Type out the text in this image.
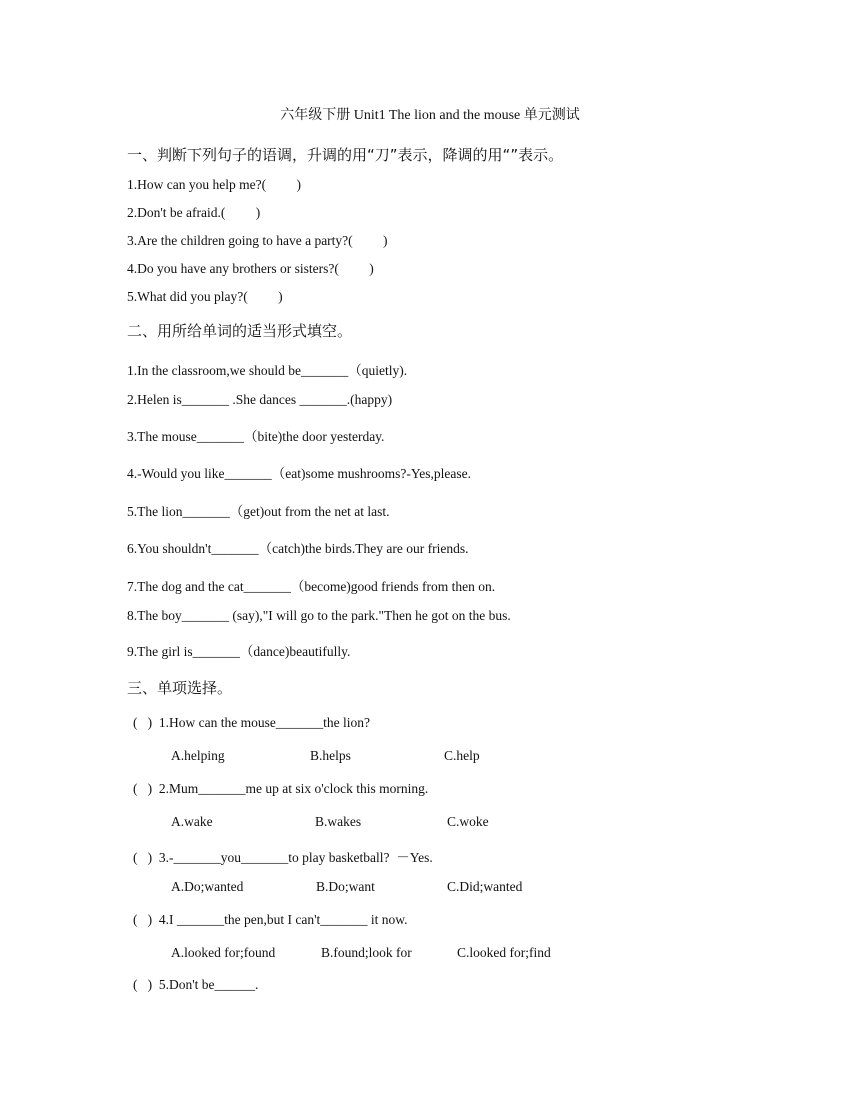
六年级下册 Unit1 The lion and the mouse 单元测试
一、判断下列句子的语调，升调的用“刀”表示，降调的用“”表示。
1.How can you help me?(         )
2.Don't be afraid.(         )
3.Are the children going to have a party?(         )
4.Do you have any brothers or sisters?(         )
5.What did you play?(         )
二、用所给单词的适当形式填空。
1.In the classroom,we should be_______（quietly).
2.Helen is_______ .She dances _______.(happy)
3.The mouse_______（bite)the door yesterday.
4.-Would you like_______（eat)some mushrooms?-Yes,please.
5.The lion_______（get)out from the net at last.
6.You shouldn't_______（catch)the birds.They are our friends.
7.The dog and the cat_______（become)good friends from then on.
8.The boy_______ (say),"I will go to the park."Then he got on the bus.
9.The girl is_______（dance)beautifully.
三、单项选择。
(   )  1.How can the mouse_______the lion?
A.helping	B.helps	C.help
(   )  2.Mum_______me up at six o'clock this morning.
A.wake	B.wakes	C.woke
(   )  3.-_______you_______to play basketball?  －Yes.
A.Do;wanted	B.Do;want	C.Did;wanted
(   )  4.I _______the pen,but I can't_______ it now.
A.looked for;found	B.found;look for	C.looked for;find
(   )  5.Don't be______.
